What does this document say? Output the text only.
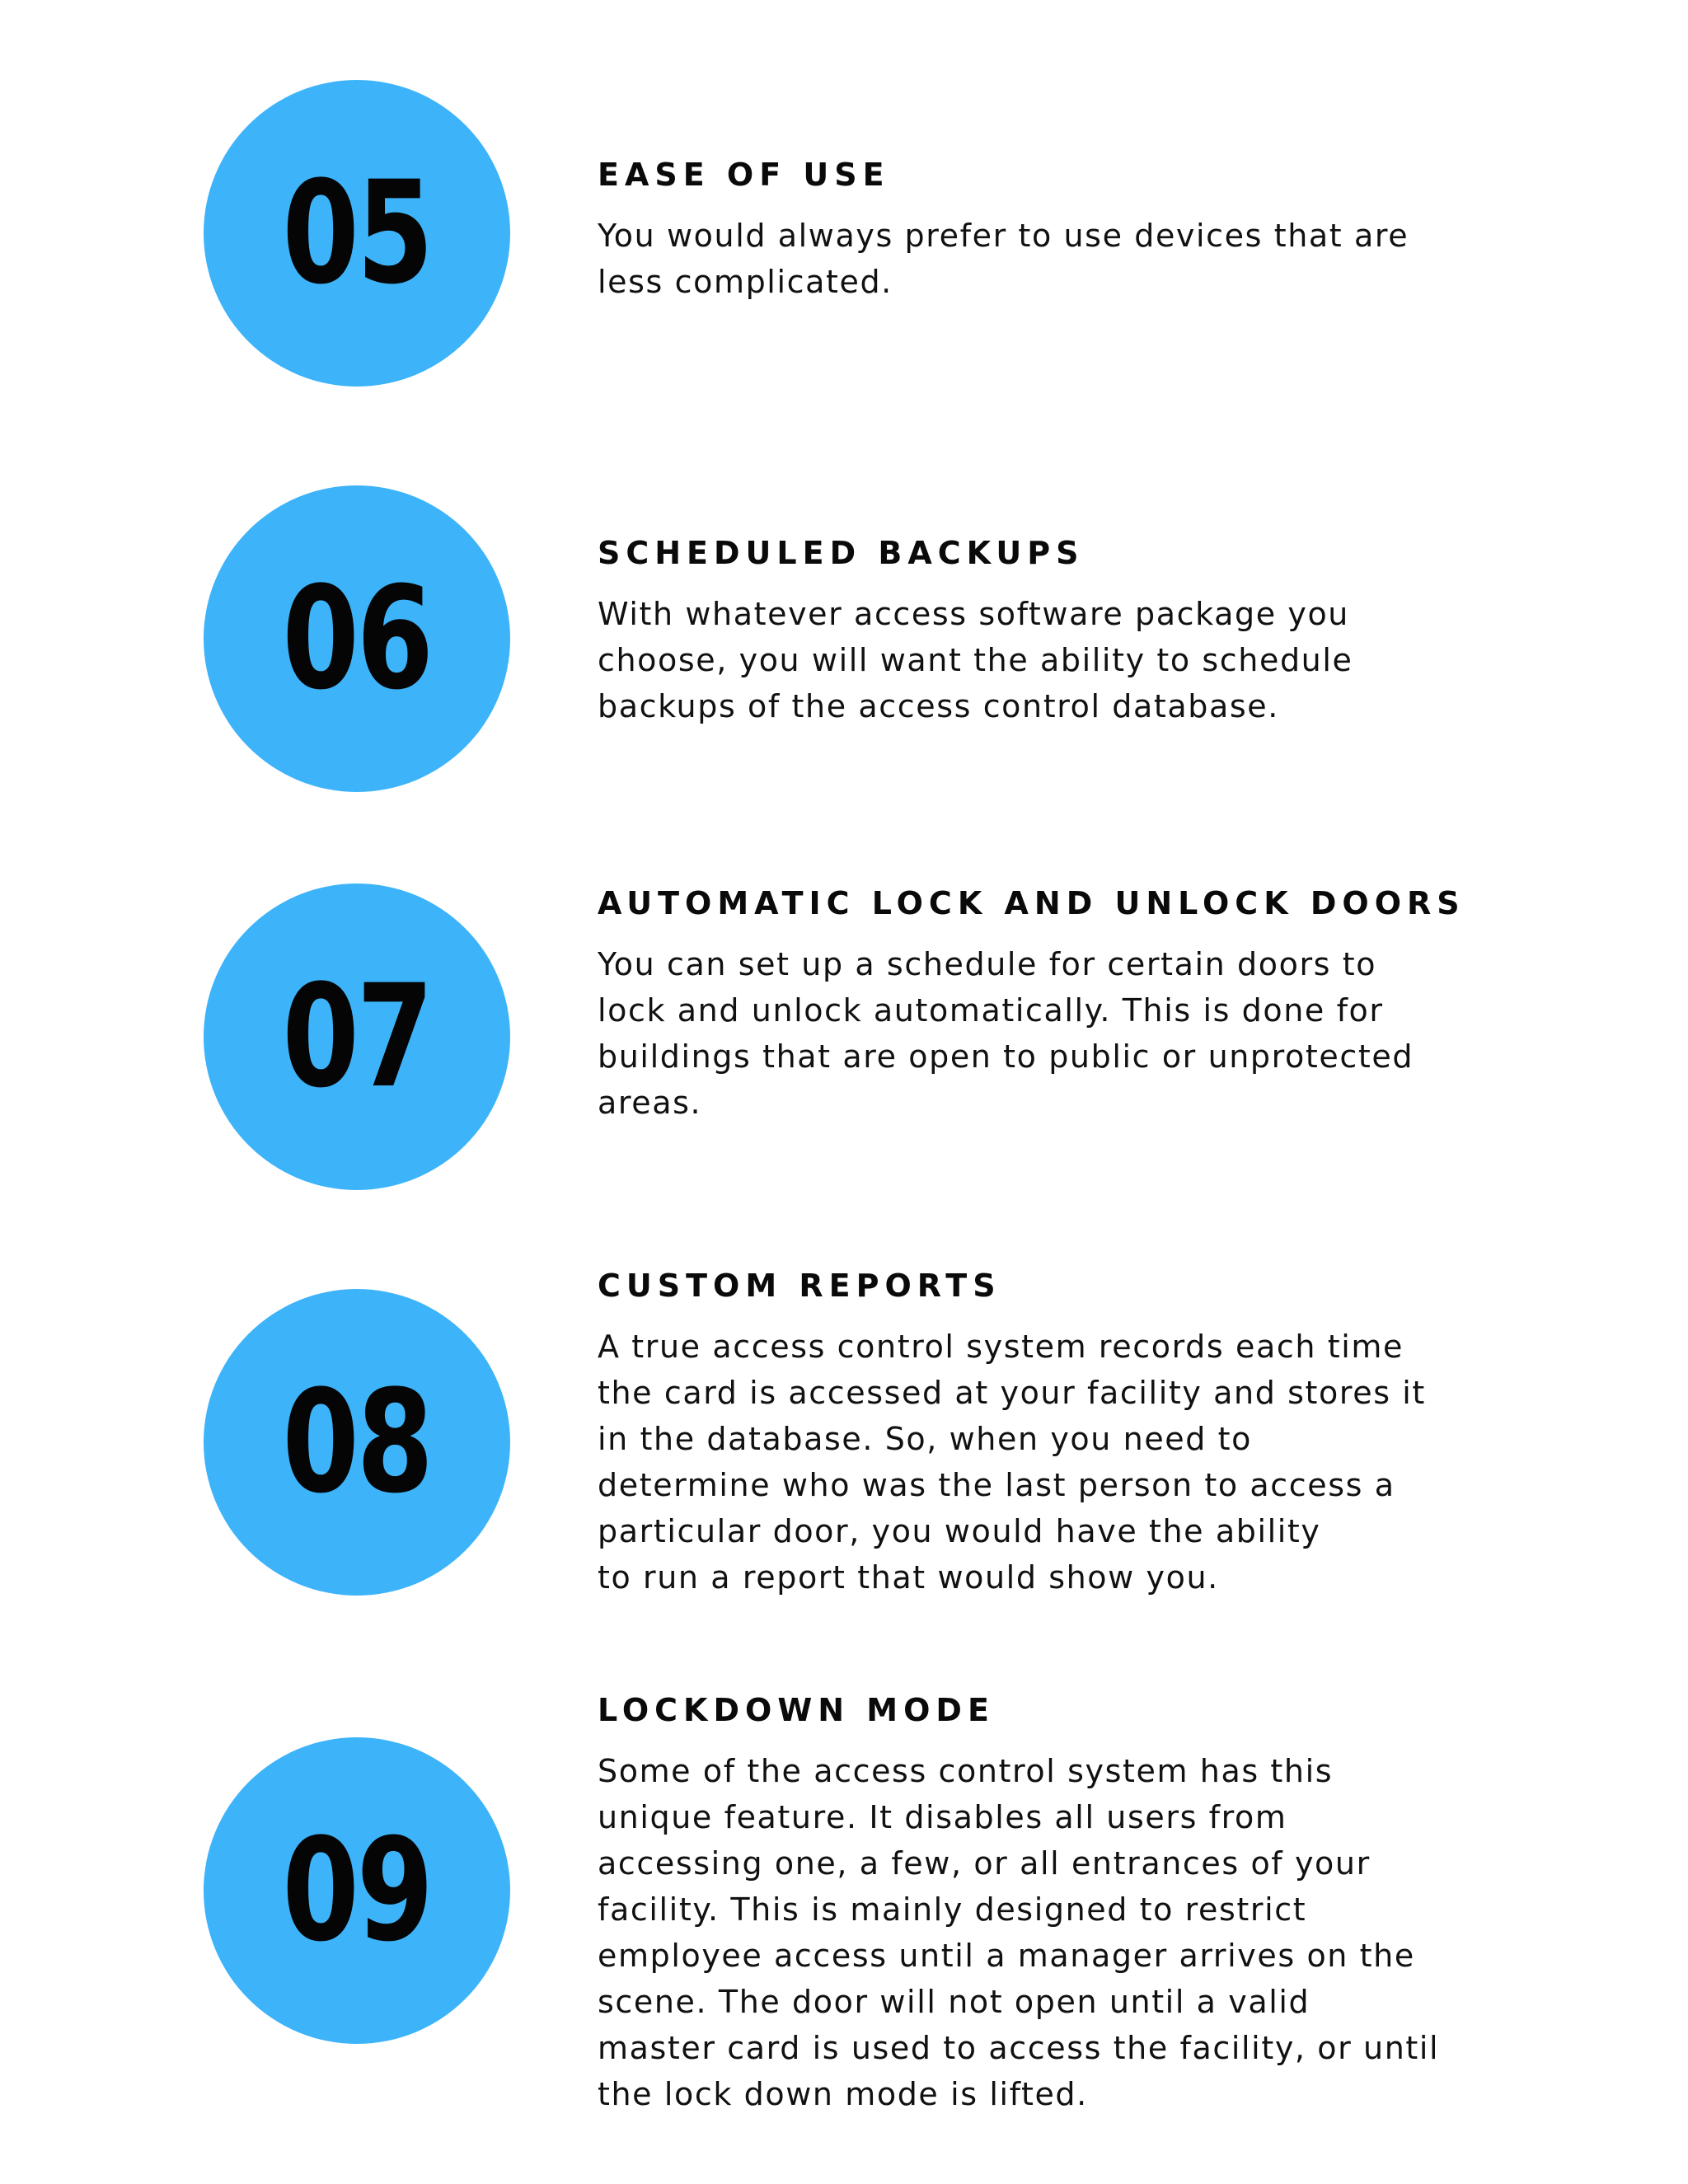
05	EASE OF USE

You would always prefer to use devices that are
less complicated.

06
SCHEDULED BACKUPS

With whatever access software package you
choose, you will want the ability to schedule
backups of the access control database.

07
AUTOMATIC LOCK AND UNLOCK DOORS

You can set up a schedule for certain doors to
lock and unlock automatically. This is done for
buildings that are open to public or unprotected
areas.

08
CUSTOM REPORTS

A true access control system records each time
the card is accessed at your facility and stores it
in the database. So, when you need to
determine who was the last person to access a
particular door, you would have the ability
to run a report that would show you.

09
LOCKDOWN MODE

Some of the access control system has this
unique feature. It disables all users from
accessing one, a few, or all entrances of your
facility. This is mainly designed to restrict
employee access until a manager arrives on the
scene. The door will not open until a valid
master card is used to access the facility, or until
the lock down mode is lifted.
